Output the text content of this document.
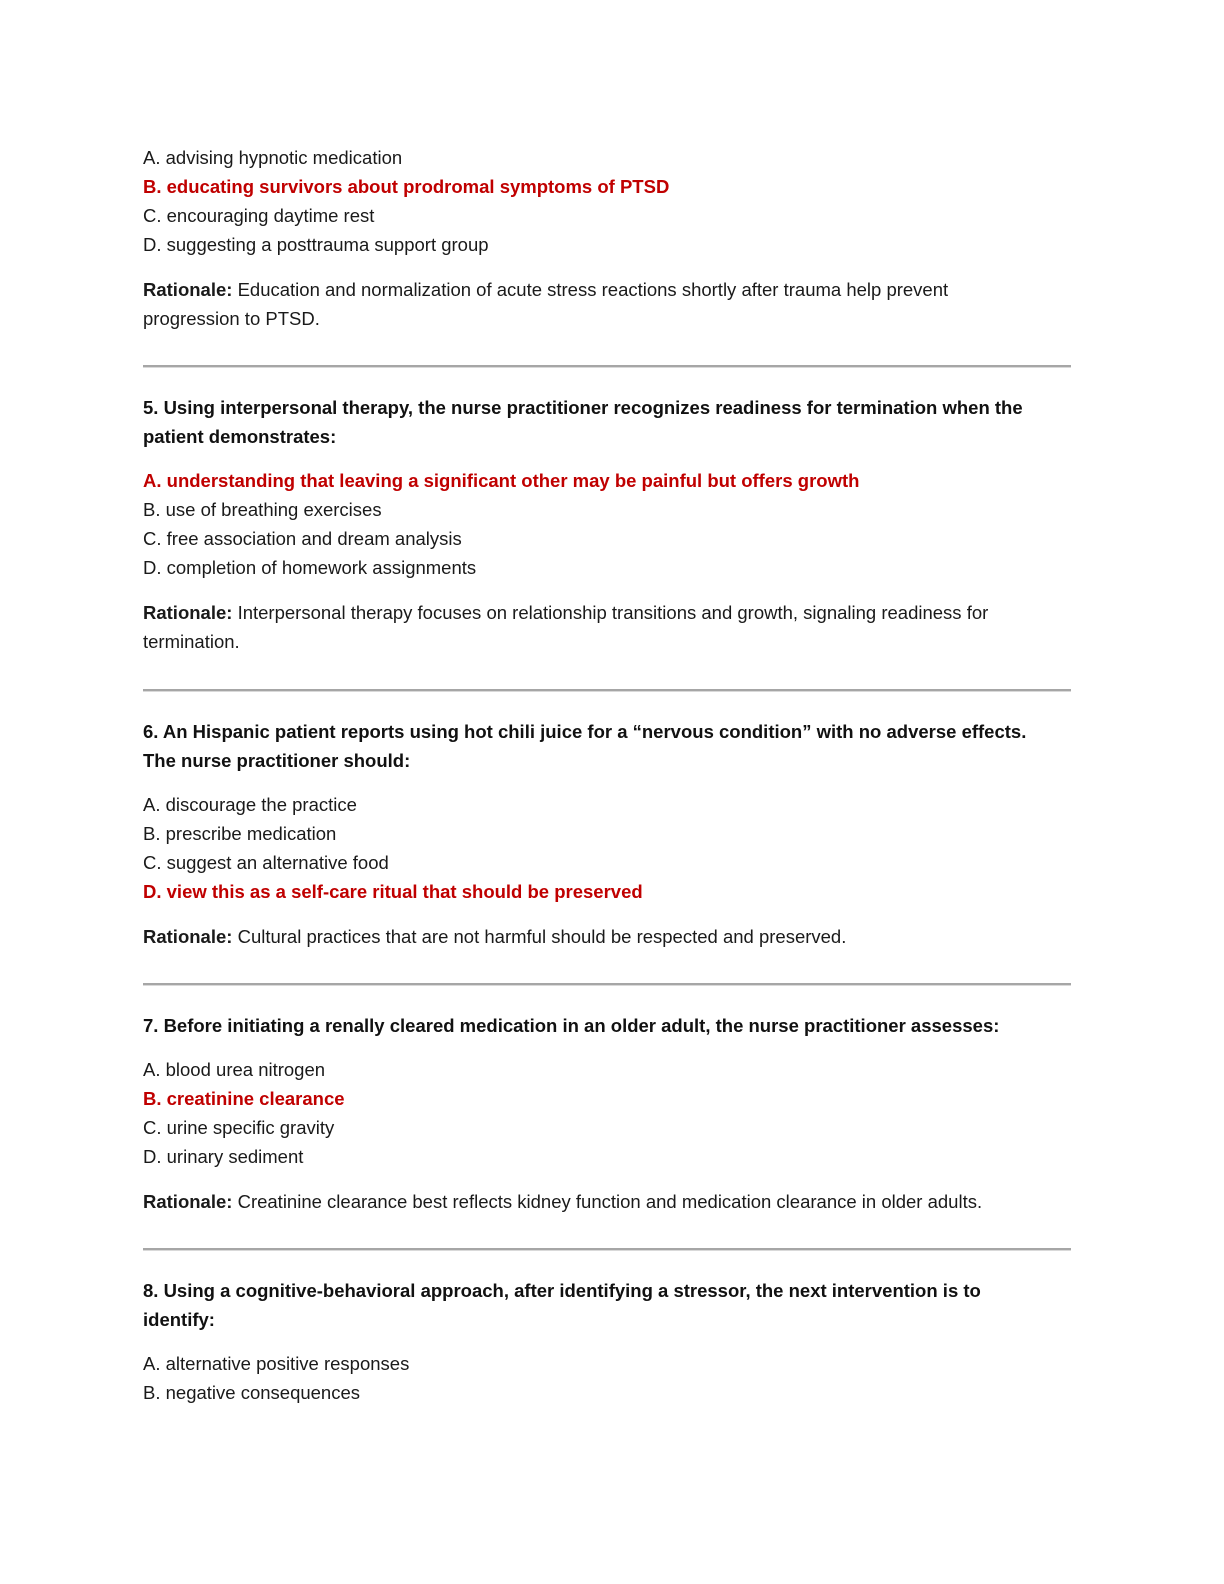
A. advising hypnotic medication
B. educating survivors about prodromal symptoms of PTSD
C. encouraging daytime rest
D. suggesting a posttrauma support group
Rationale: Education and normalization of acute stress reactions shortly after trauma help prevent
progression to PTSD.
5. Using interpersonal therapy, the nurse practitioner recognizes readiness for termination when the
patient demonstrates:
A. understanding that leaving a significant other may be painful but offers growth
B. use of breathing exercises
C. free association and dream analysis
D. completion of homework assignments
Rationale: Interpersonal therapy focuses on relationship transitions and growth, signaling readiness for
termination.
6. An Hispanic patient reports using hot chili juice for a “nervous condition” with no adverse effects.
The nurse practitioner should:
A. discourage the practice
B. prescribe medication
C. suggest an alternative food
D. view this as a self-care ritual that should be preserved
Rationale: Cultural practices that are not harmful should be respected and preserved.
7. Before initiating a renally cleared medication in an older adult, the nurse practitioner assesses:
A. blood urea nitrogen
B. creatinine clearance
C. urine specific gravity
D. urinary sediment
Rationale: Creatinine clearance best reflects kidney function and medication clearance in older adults.
8. Using a cognitive-behavioral approach, after identifying a stressor, the next intervention is to
identify:
A. alternative positive responses
B. negative consequences
